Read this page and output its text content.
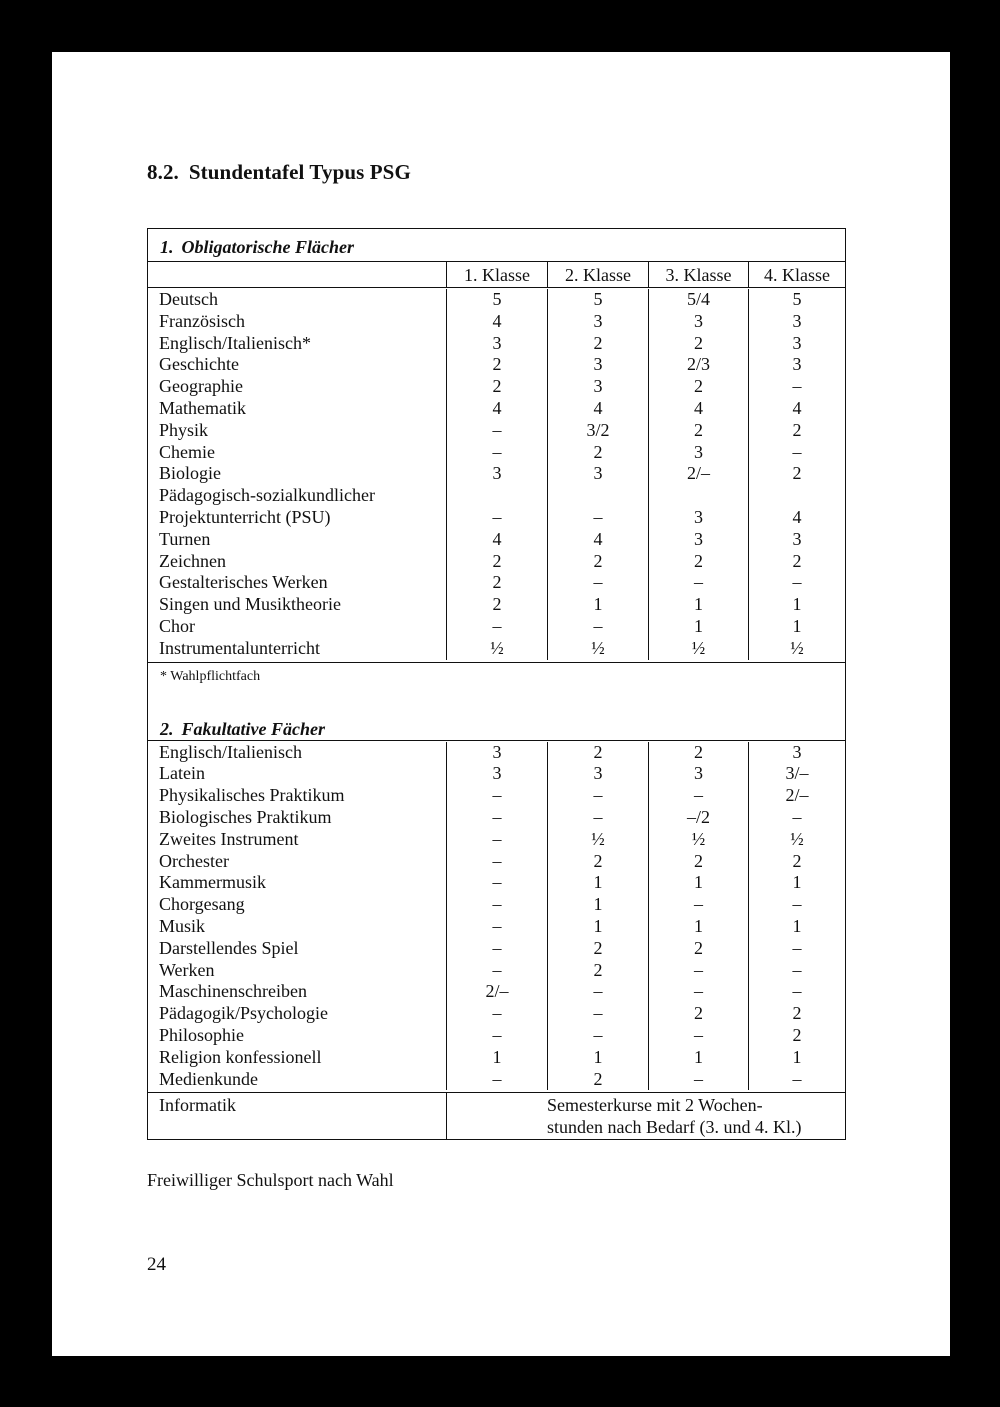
8.2. Stundentafel Typus PSG
1. Obligatorische Flächer
1. Klasse	2. Klasse	3. Klasse	4. Klasse
Deutsch	5	5	5/4	5
Französisch	4	3	3	3
Englisch/Italienisch*	3	2	2	3
Geschichte	2	3	2/3	3
Geographie	2	3	2	–
Mathematik	4	4	4	4
Physik	–	3/2	2	2
Chemie	–	2	3	–
Biologie	3	3	2/–	2
Pädagogisch-sozialkundlicher
Projektunterricht (PSU)	–	–	3	4
Turnen	4	4	3	3
Zeichnen	2	2	2	2
Gestalterisches Werken	2	–	–	–
Singen und Musiktheorie	2	1	1	1
Chor	–	–	1	1
Instrumentalunterricht	½	½	½	½
* Wahlpflichtfach
2. Fakultative Fächer
Englisch/Italienisch	3	2	2	3
Latein	3	3	3	3/–
Physikalisches Praktikum	–	–	–	2/–
Biologisches Praktikum	–	–	–/2	–
Zweites Instrument	–	½	½	½
Orchester	–	2	2	2
Kammermusik	–	1	1	1
Chorgesang	–	1	–	–
Musik	–	1	1	1
Darstellendes Spiel	–	2	2	–
Werken	–	2	–	–
Maschinenschreiben	2/–	–	–	–
Pädagogik/Psychologie	–	–	2	2
Philosophie	–	–	–	2
Religion konfessionell	1	1	1	1
Medienkunde	–	2	–	–
Informatik	Semesterkurse mit 2 Wochen-
stunden nach Bedarf (3. und 4. Kl.)
Freiwilliger Schulsport nach Wahl
24
